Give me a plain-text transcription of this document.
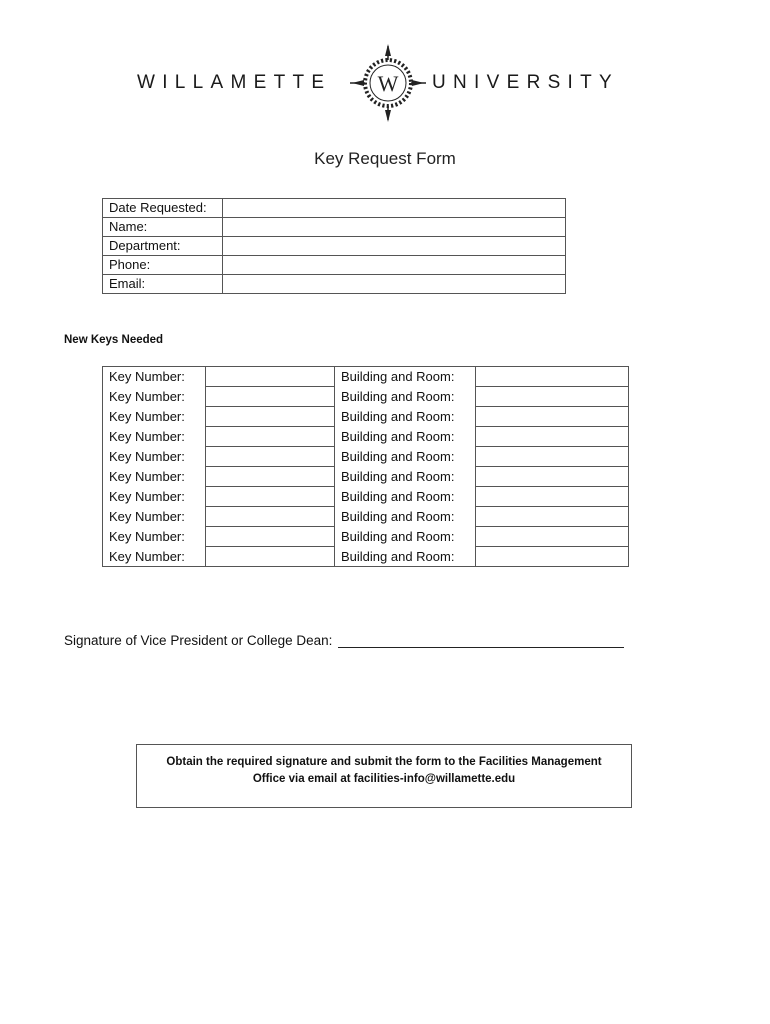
WILLAMETTE W UNIVERSITY
Key Request Form
Date Requested:	
Name:	
Department:	
Phone:	
Email:	
New Keys Needed
Key Number:		Building and Room:	
Key Number:		Building and Room:	
Key Number:		Building and Room:	
Key Number:		Building and Room:	
Key Number:		Building and Room:	
Key Number:		Building and Room:	
Key Number:		Building and Room:	
Key Number:		Building and Room:	
Key Number:		Building and Room:	
Key Number:		Building and Room:	
Signature of Vice President or College Dean:
Obtain the required signature and submit the form to the Facilities Management
Office via email at facilities-info@willamette.edu
